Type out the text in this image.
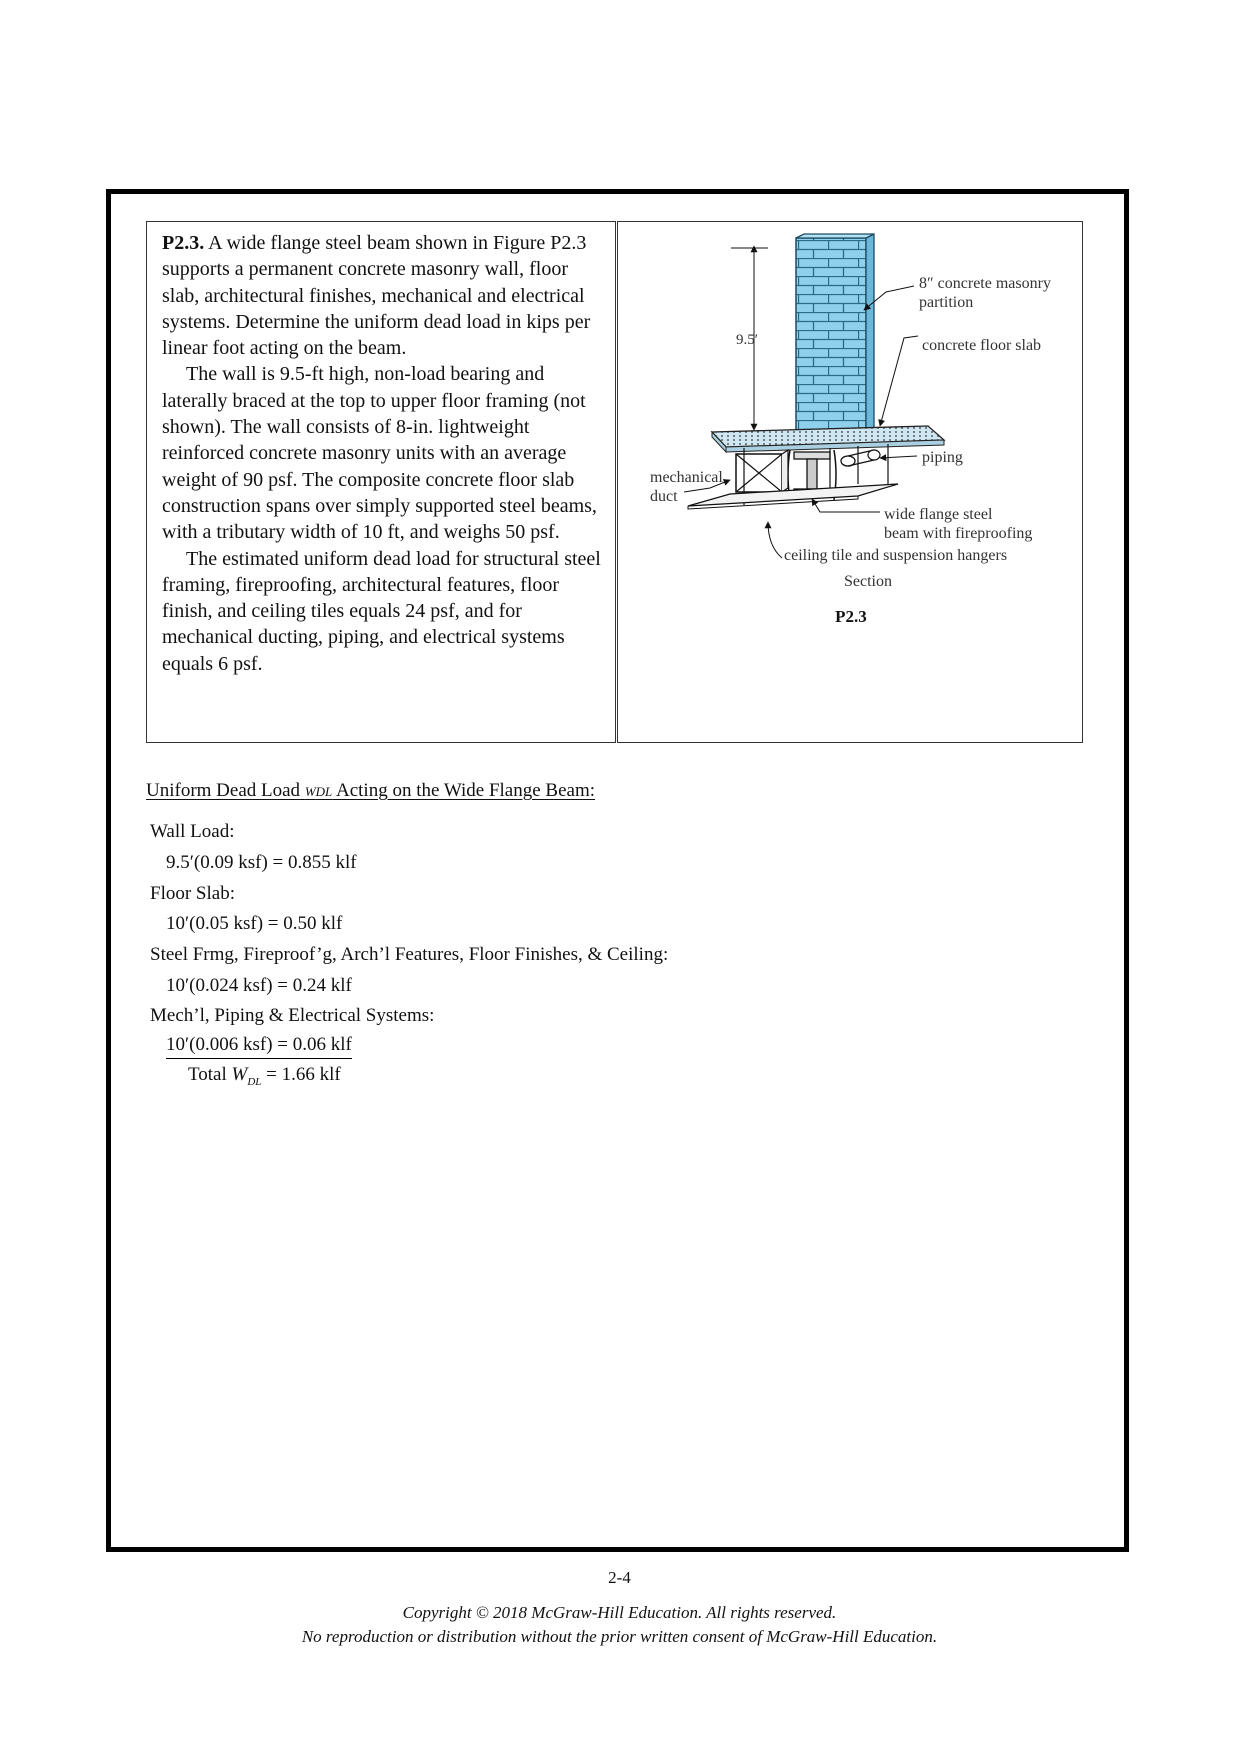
P2.3. A wide flange steel beam shown in Figure P2.3 supports a permanent concrete masonry wall, floor slab, architectural finishes, mechanical and electrical systems. Determine the uniform dead load in kips per linear foot acting on the beam.

The wall is 9.5-ft high, non-load bearing and laterally braced at the top to upper floor framing (not shown). The wall consists of 8-in. lightweight reinforced concrete masonry units with an average weight of 90 psf. The composite concrete floor slab construction spans over simply supported steel beams, with a tributary width of 10 ft, and weighs 50 psf.

The estimated uniform dead load for structural steel framing, fireproofing, architectural features, floor finish, and ceiling tiles equals 24 psf, and for mechanical ducting, piping, and electrical systems equals 6 psf.

9.5′
8″ concrete masonry
partition
concrete floor slab
piping
mechanical
duct
wide flange steel
beam with fireproofing
ceiling tile and suspension hangers
Section
P2.3
Uniform Dead Load WDL Acting on the Wide Flange Beam:
Wall Load:
9.5′(0.09 ksf) = 0.855 klf
Floor Slab:
10′(0.05 ksf) = 0.50 klf
Steel Frmg, Fireproof’g, Arch’l Features, Floor Finishes, & Ceiling:
10′(0.024 ksf) = 0.24 klf
Mech’l, Piping & Electrical Systems:
10′(0.006 ksf) = 0.06 klf
Total $W_{DL} = 1.66$ klf
2-4
Copyright © 2018 McGraw-Hill Education. All rights reserved.
No reproduction or distribution without the prior written consent of McGraw-Hill Education.
